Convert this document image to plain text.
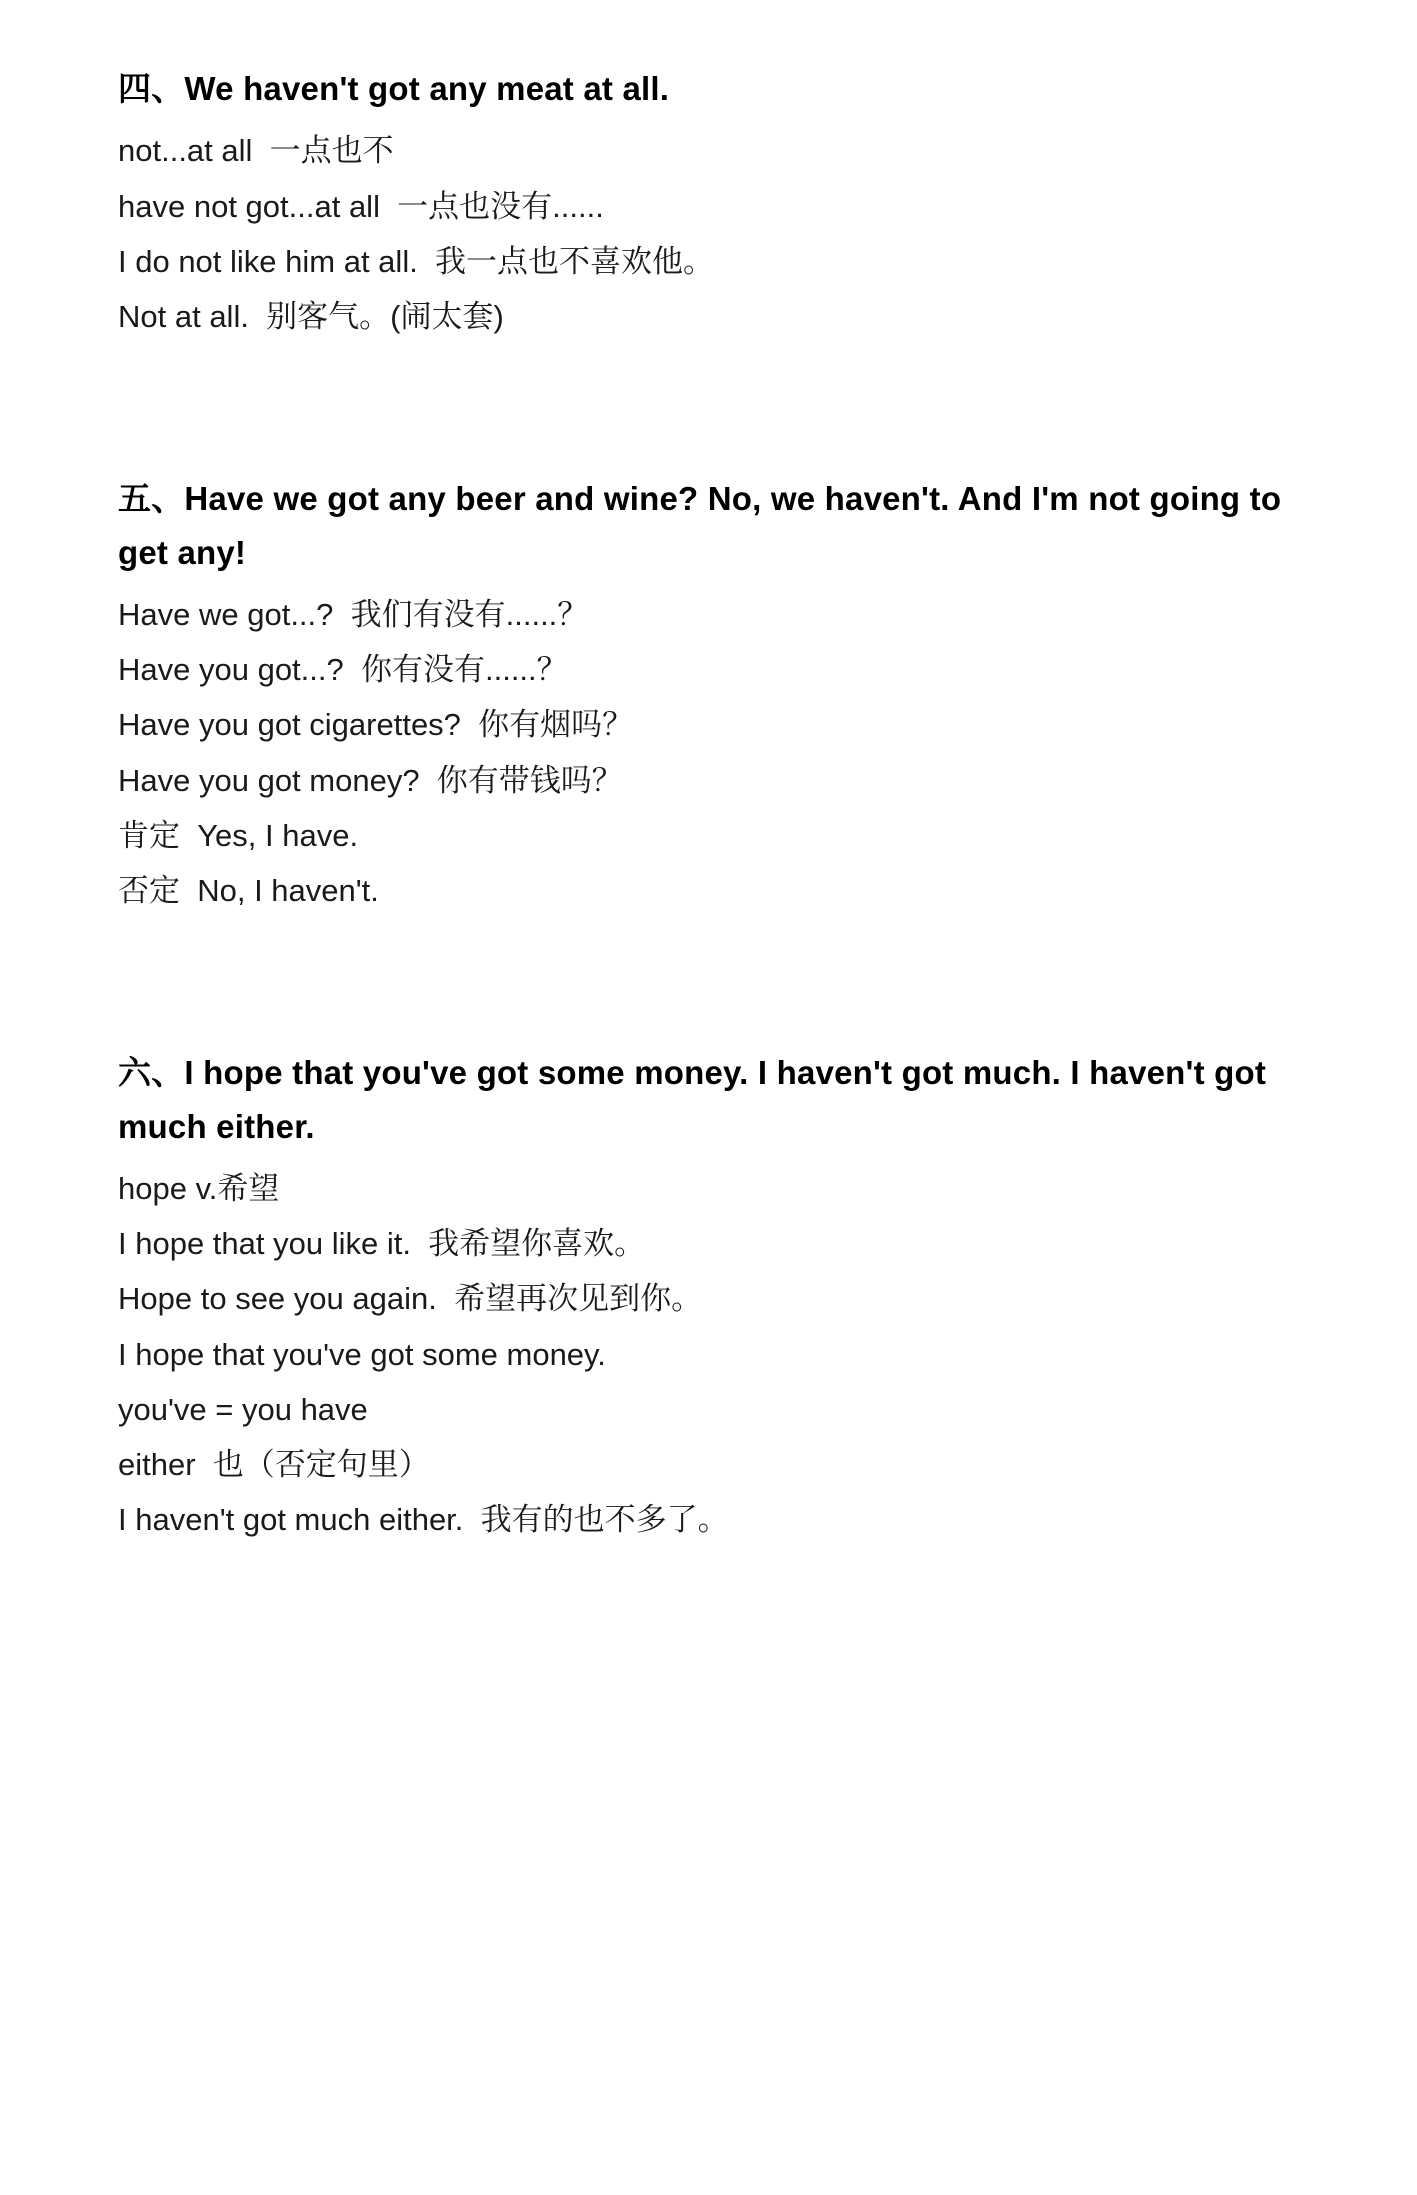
四、We haven't got any meat at all.

not...at all  一点也不

have not got...at all  一点也没有......

I do not like him at all.  我一点也不喜欢他。

Not at all.  别客气。(闹太套)

五、Have we got any beer and wine? No, we haven't. And I'm not going to get any!

Have we got...?  我们有没有......？

Have you got...?  你有没有......？

Have you got cigarettes?  你有烟吗？

Have you got money?  你有带钱吗？

肯定  Yes, I have.

否定  No, I haven't.

六、I hope that you've got some money. I haven't got much. I haven't got much either.

hope v.希望

I hope that you like it.  我希望你喜欢。

Hope to see you again.  希望再次见到你。

I hope that you've got some money.

you've = you have

either  也（否定句里）

I haven't got much either.  我有的也不多了。
